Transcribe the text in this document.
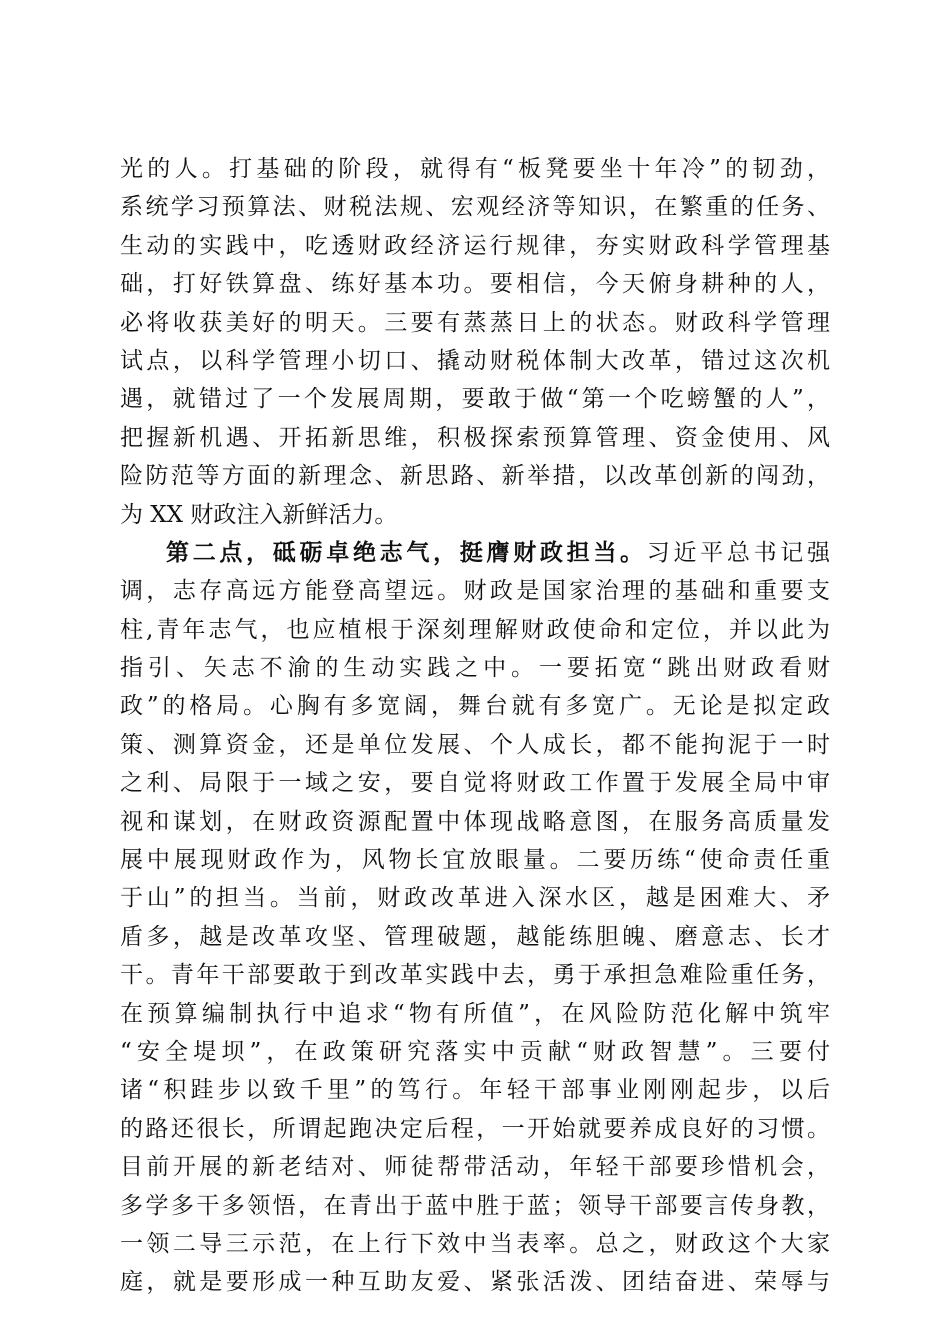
光的人。打基础的阶段，就得有“板凳要坐十年冷”的韧劲，
系统学习预算法、财税法规、宏观经济等知识，在繁重的任务、
生动的实践中，吃透财政经济运行规律，夯实财政科学管理基
础，打好铁算盘、练好基本功。要相信，今天俯身耕种的人，
必将收获美好的明天。三要有蒸蒸日上的状态。财政科学管理
试点，以科学管理小切口、撬动财税体制大改革，错过这次机
遇，就错过了一个发展周期，要敢于做“第一个吃螃蟹的人”，
把握新机遇、开拓新思维，积极探索预算管理、资金使用、风
险防范等方面的新理念、新思路、新举措，以改革创新的闯劲，
为 XX 财政注入新鲜活力。
第二点，砥砺卓绝志气，挺膺财政担当。习近平总书记强
调，志存高远方能登高望远。财政是国家治理的基础和重要支
柱,青年志气，也应植根于深刻理解财政使命和定位，并以此为
指引、矢志不渝的生动实践之中。一要拓宽“跳出财政看财
政”的格局。心胸有多宽阔，舞台就有多宽广。无论是拟定政
策、测算资金，还是单位发展、个人成长，都不能拘泥于一时
之利、局限于一域之安，要自觉将财政工作置于发展全局中审
视和谋划，在财政资源配置中体现战略意图，在服务高质量发
展中展现财政作为，风物长宜放眼量。二要历练“使命责任重
于山”的担当。当前，财政改革进入深水区，越是困难大、矛
盾多，越是改革攻坚、管理破题，越能练胆魄、磨意志、长才
干。青年干部要敢于到改革实践中去，勇于承担急难险重任务，
在预算编制执行中追求“物有所值”，在风险防范化解中筑牢
“安全堤坝”，在政策研究落实中贡献“财政智慧”。三要付
诸“积跬步以致千里”的笃行。年轻干部事业刚刚起步，以后
的路还很长，所谓起跑决定后程，一开始就要养成良好的习惯。
目前开展的新老结对、师徒帮带活动，年轻干部要珍惜机会，
多学多干多领悟，在青出于蓝中胜于蓝；领导干部要言传身教，
一领二导三示范，在上行下效中当表率。总之，财政这个大家
庭，就是要形成一种互助友爱、紧张活泼、团结奋进、荣辱与
